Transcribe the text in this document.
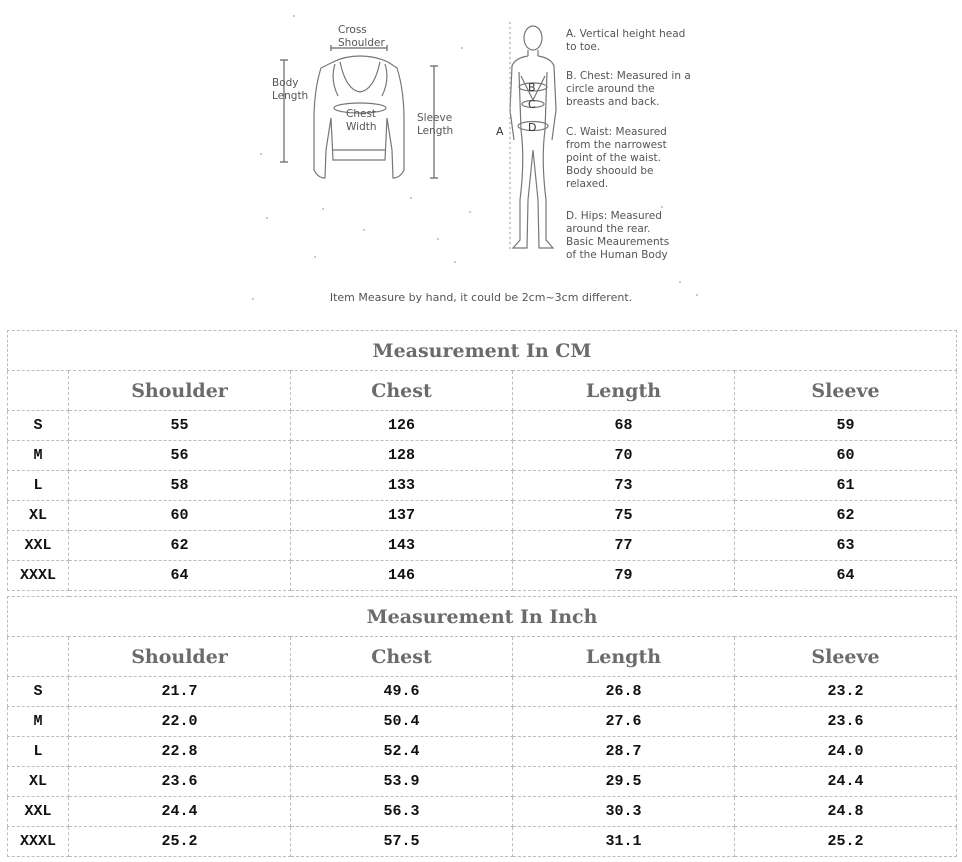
Cross
Shoulder
Body
Length
Chest
Width
Sleeve
Length	A
B
C
D
A. Vertical height head
to toe.
B. Chest: Measured in a
circle around the
breasts and back.
C. Waist: Measured
from the narrowest
point of the waist.
Body shoould be
relaxed.
D. Hips: Measured
around the rear.
Basic Meaurements
of the Human Body
Item Measure by hand, it could be 2cm~3cm different.
Measurement In CM				
	Shoulder	Chest	Length	Sleeve
S	55	126	68	59
M	56	128	70	60
L	58	133	73	61
XL	60	137	75	62
XXL	62	143	77	63
XXXL	64	146	79	64
Measurement In Inch				
	Shoulder	Chest	Length	Sleeve
S	21.7	49.6	26.8	23.2
M	22.0	50.4	27.6	23.6
L	22.8	52.4	28.7	24.0
XL	23.6	53.9	29.5	24.4
XXL	24.4	56.3	30.3	24.8
XXXL	25.2	57.5	31.1	25.2
